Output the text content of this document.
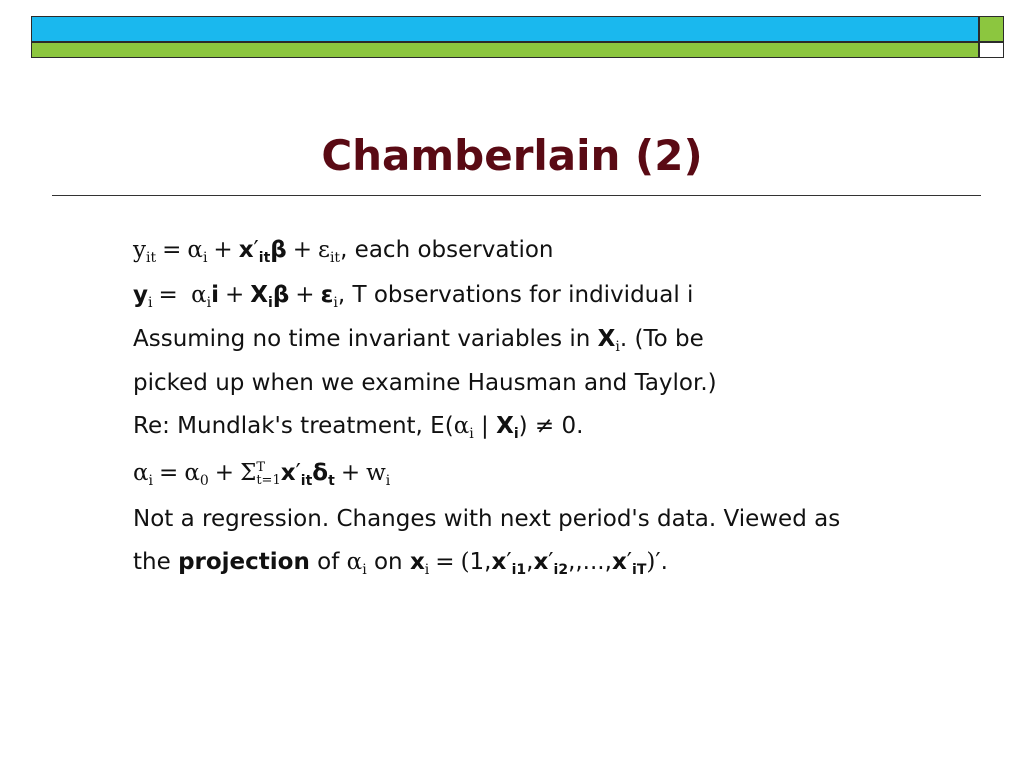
Chamberlain (2)
$y_{it} = \alpha_i + x'_{it}\beta + \varepsilon_{it}$, each observation
$y_i = \alpha_ii + X_i\beta + \varepsilon_i$, T observations for individual i
Assuming no time invariant variables in $X_i$. (To be
picked up when we examine Hausman and Taylor.)
Re: Mundlak's treatment, $E(\alpha_i$ | $X_i) \ne 0$.
$\alpha_i = \alpha_0 + \Sigma$ T
t=1 $x'_{it}\delta_t + w_i$
Not a regression. Changes with next period's data. Viewed as
the projection of $\alpha_i$ on $x_i = (1,x'_{i1},x'_{i2},,...,x'_{iT})'$.
